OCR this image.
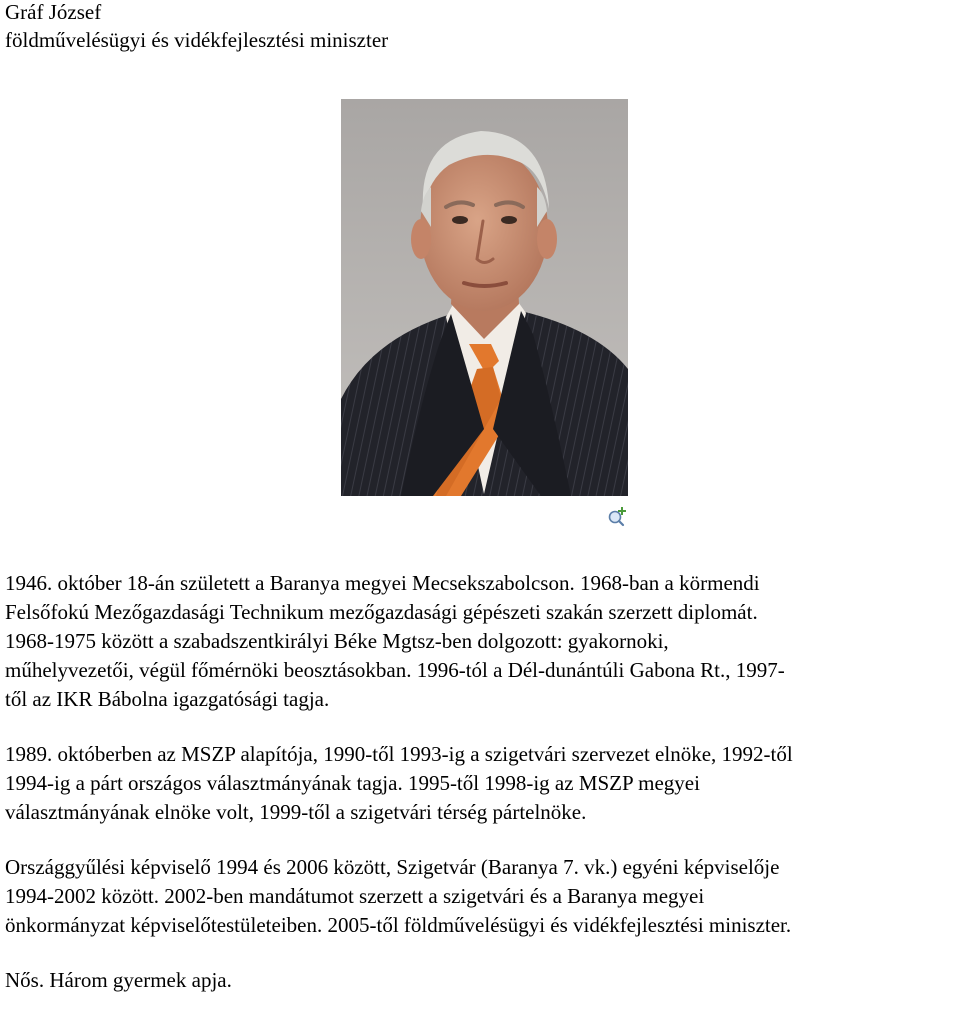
Gráf József
földművelésügyi és vidékfejlesztési miniszter

1946. október 18-án született a Baranya megyei Mecsekszabolcson. 1968-ban a körmendi
Felsőfokú Mezőgazdasági Technikum mezőgazdasági gépészeti szakán szerzett diplomát.
1968-1975 között a szabadszentkirályi Béke Mgtsz-ben dolgozott: gyakornoki,
műhelyvezetői, végül főmérnöki beosztásokban. 1996-tól a Dél-dunántúli Gabona Rt., 1997-
től az IKR Bábolna igazgatósági tagja.

1989. októberben az MSZP alapítója, 1990-től 1993-ig a szigetvári szervezet elnöke, 1992-től
1994-ig a párt országos választmányának tagja. 1995-től 1998-ig az MSZP megyei
választmányának elnöke volt, 1999-től a szigetvári térség pártelnöke.

Országgyűlési képviselő 1994 és 2006 között, Szigetvár (Baranya 7. vk.) egyéni képviselője
1994-2002 között. 2002-ben mandátumot szerzett a szigetvári és a Baranya megyei
önkormányzat képviselőtestületeiben. 2005-től földművelésügyi és vidékfejlesztési miniszter.

Nős. Három gyermek apja.
